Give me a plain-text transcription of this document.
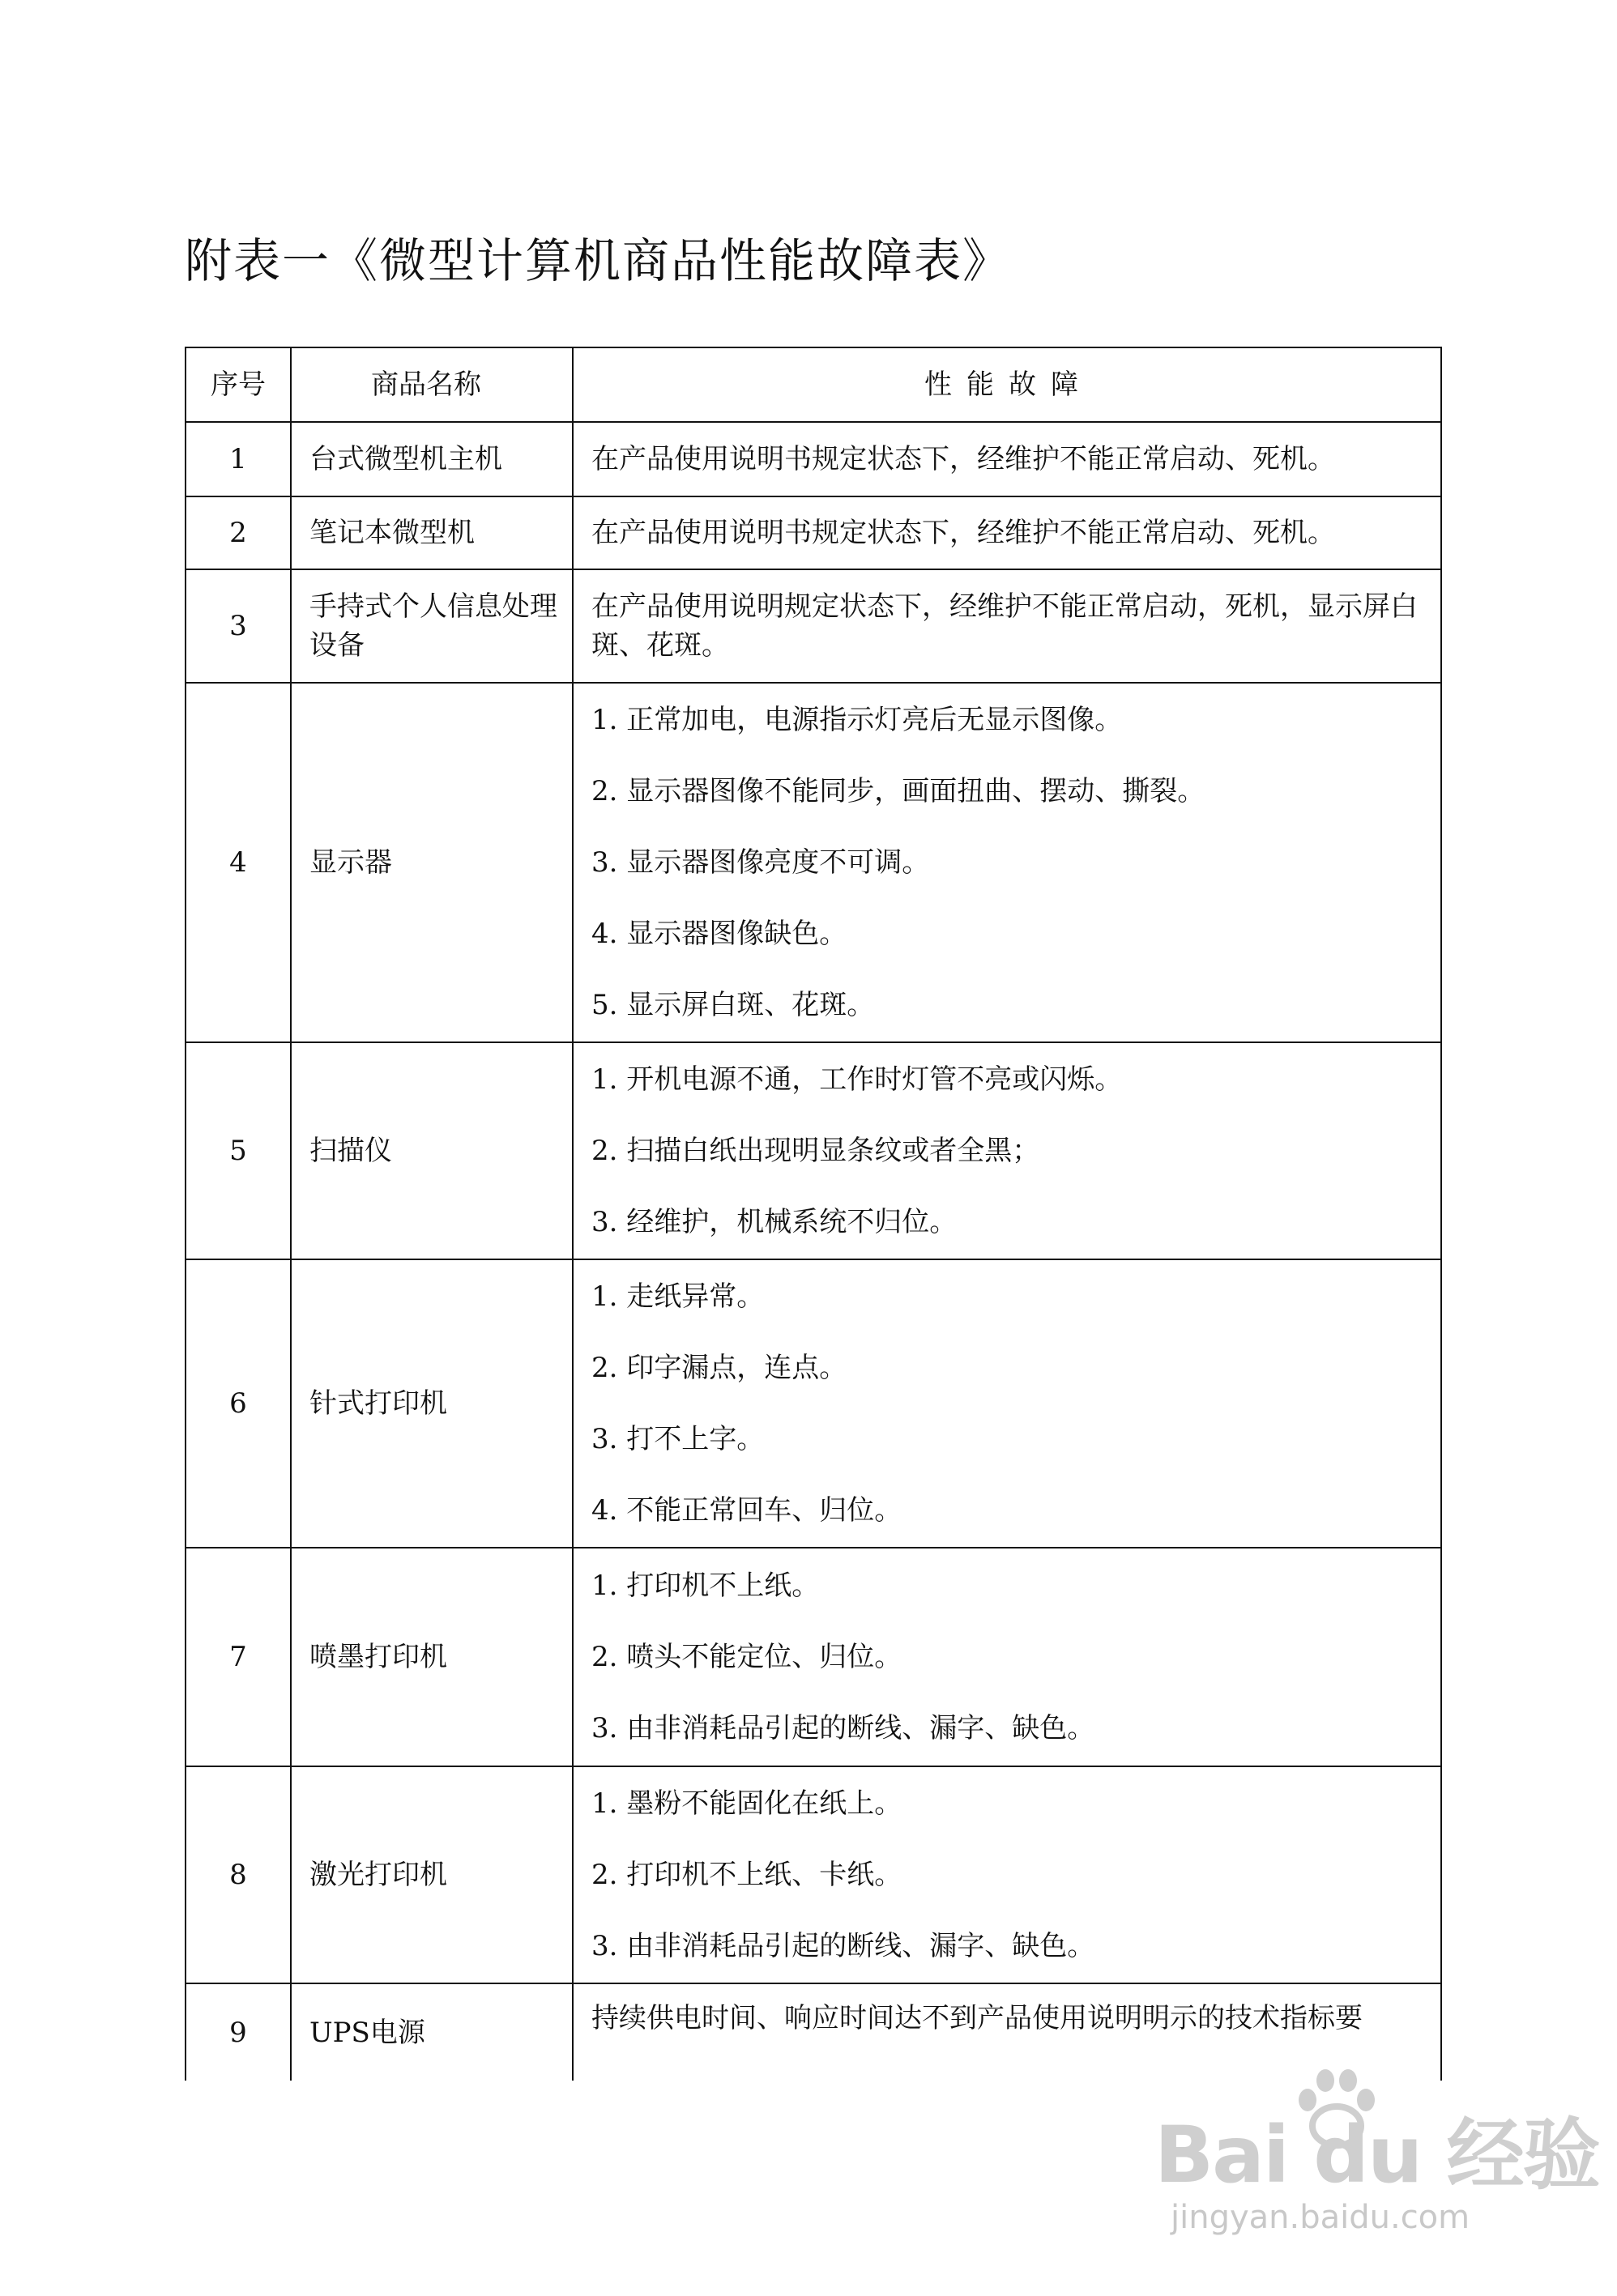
附表一《微型计算机商品性能故障表》
序号	商品名称	性能故障
1	台式微型机主机	在产品使用说明书规定状态下，经维护不能正常启动、死机。

2	笔记本微型机	在产品使用说明书规定状态下，经维护不能正常启动、死机。

3	手持式个人信息处理设备	在产品使用说明规定状态下，经维护不能正常启动，死机，显示屏白斑、花斑。

4	显示器	1. 正常加电，电源指示灯亮后无显示图像。
2. 显示器图像不能同步，画面扭曲、摆动、撕裂。
3. 显示器图像亮度不可调。
4. 显示器图像缺色。
5. 显示屏白斑、花斑。

5	扫描仪	1. 开机电源不通，工作时灯管不亮或闪烁。
2. 扫描白纸出现明显条纹或者全黑；
3. 经维护，机械系统不归位。

6	针式打印机	1. 走纸异常。
2. 印字漏点，连点。
3. 打不上字。
4. 不能正常回车、归位。

7	喷墨打印机	1. 打印机不上纸。
2. 喷头不能定位、归位。
3. 由非消耗品引起的断线、漏字、缺色。

8	激光打印机	1. 墨粉不能固化在纸上。
2. 打印机不上纸、卡纸。
3. 由非消耗品引起的断线、漏字、缺色。

9	UPS电源	持续供电时间、响应时间达不到产品使用说明明示的技术指标要
Bai du 经验
jingyan.baidu.com
